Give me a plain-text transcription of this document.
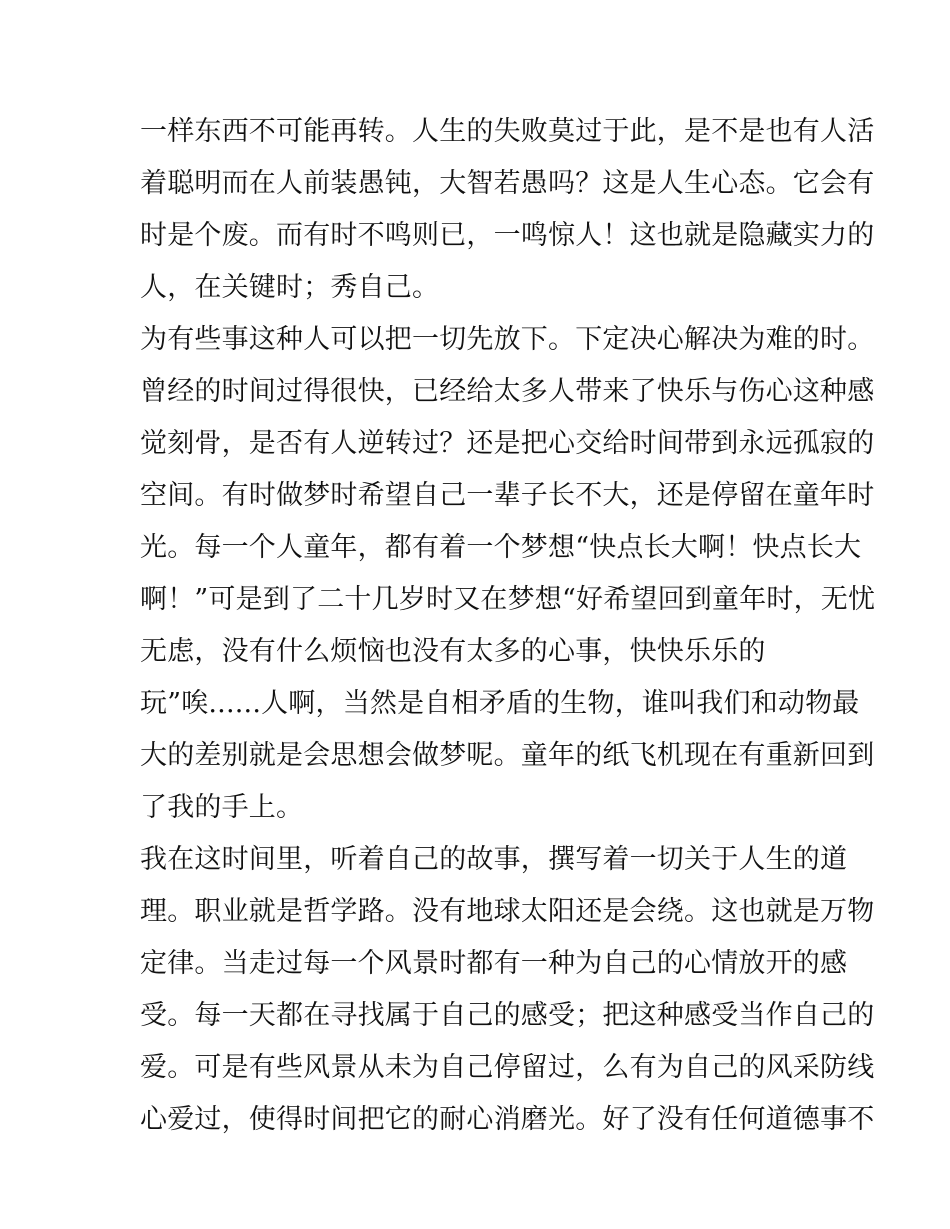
一样东西不可能再转。人生的失败莫过于此，是不是也有人活
着聪明而在人前装愚钝，大智若愚吗？这是人生心态。它会有
时是个废。而有时不鸣则已，一鸣惊人！这也就是隐藏实力的
人，在关键时；秀自己。
为有些事这种人可以把一切先放下。下定决心解决为难的时。
曾经的时间过得很快，已经给太多人带来了快乐与伤心这种感
觉刻骨，是否有人逆转过？还是把心交给时间带到永远孤寂的
空间。有时做梦时希望自己一辈子长不大，还是停留在童年时
光。每一个人童年，都有着一个梦想“快点长大啊！快点长大
啊！”可是到了二十几岁时又在梦想“好希望回到童年时，无忧
无虑，没有什么烦恼也没有太多的心事，快快乐乐的
玩”唉......人啊，当然是自相矛盾的生物，谁叫我们和动物最
大的差别就是会思想会做梦呢。童年的纸飞机现在有重新回到
了我的手上。
我在这时间里，听着自己的故事，撰写着一切关于人生的道
理。职业就是哲学路。没有地球太阳还是会绕。这也就是万物
定律。当走过每一个风景时都有一种为自己的心情放开的感
受。每一天都在寻找属于自己的感受；把这种感受当作自己的
爱。可是有些风景从未为自己停留过，么有为自己的风采防线
心爱过，使得时间把它的耐心消磨光。好了没有任何道德事不
